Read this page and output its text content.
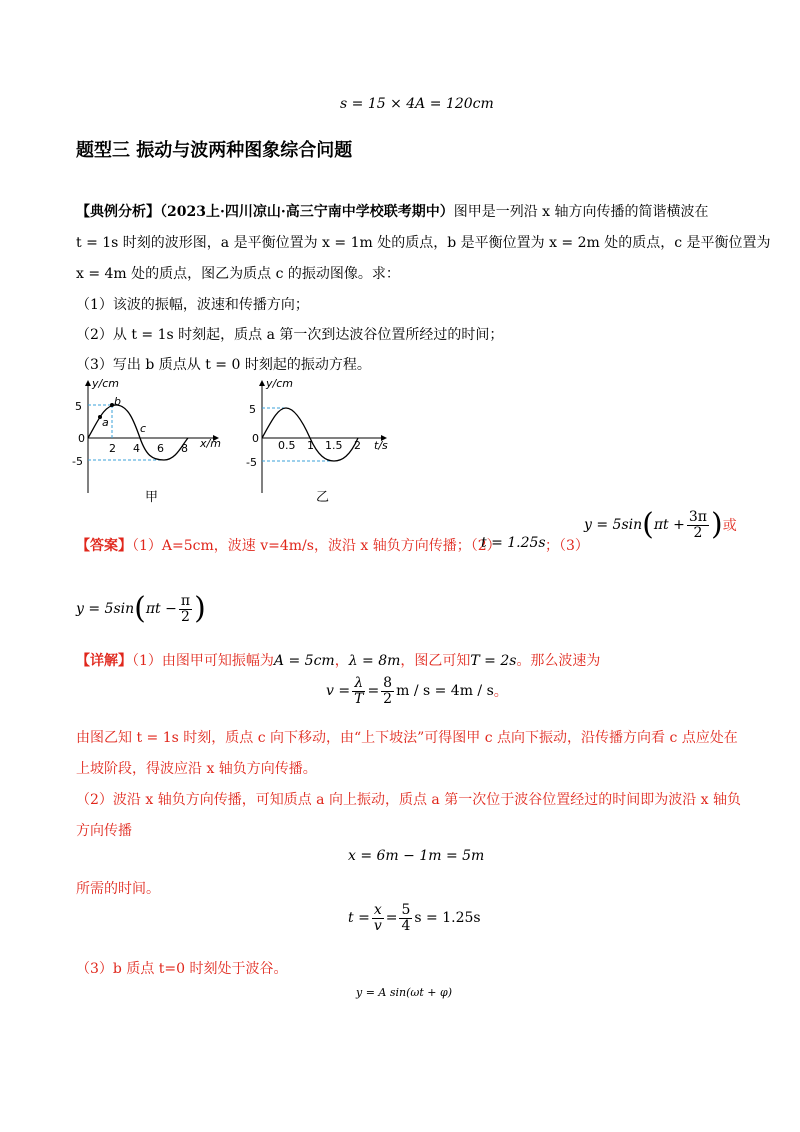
s = 15 × 4A = 120cm
题型三 振动与波两种图象综合问题
【典例分析】（2023上·四川凉山·高三宁南中学校联考期中）图甲是一列沿 x 轴方向传播的简谐横波在
t = 1s 时刻的波形图，a 是平衡位置为 x = 1m 处的质点，b 是平衡位置为 x = 2m 处的质点，c 是平衡位置为
x = 4m 处的质点，图乙为质点 c 的振动图像。求：
（1）该波的振幅，波速和传播方向；
（2）从 t = 1s 时刻起，质点 a 第一次到达波谷位置所经过的时间；
（3）写出 b 质点从 t = 0 时刻起的振动方程。
y/cm
x/m
5
0
-5
2 4 6 8
a
b
c
甲
y/cm
t/s
5
0
-5
0.5 1 1.5 2
乙
【答案】（1）A=5cm，波速 v=4m/s，波沿 x 轴负方向传播；（2）
t = 1.25s ；（3）
y = 5sin ( $\pi t + \frac{3\pi}{2}$ ) 或
y = 5sin ( $\pi t - \frac{\pi}{2}$ )
【详解】（1）由图甲可知振幅为A = 5cm，λ = 8m，图乙可知T = 2s。那么波速为
$v = \frac{\lambda}{T} = \frac{8}{2}$ m / s = 4m / s 。
由图乙知 t = 1s 时刻，质点 c 向下移动，由“上下坡法”可得图甲 c 点向下振动，沿传播方向看 c 点应处在
上坡阶段，得波应沿 x 轴负方向传播。
（2）波沿 x 轴负方向传播，可知质点 a 向上振动，质点 a 第一次位于波谷位置经过的时间即为波沿 x 轴负
方向传播
x = 6m − 1m = 5m
所需的时间。
$t = \frac{x}{v} = \frac{5}{4}$ s = 1.25s
（3）b 质点 t=0 时刻处于波谷。
y = A sin(ωt + φ)
